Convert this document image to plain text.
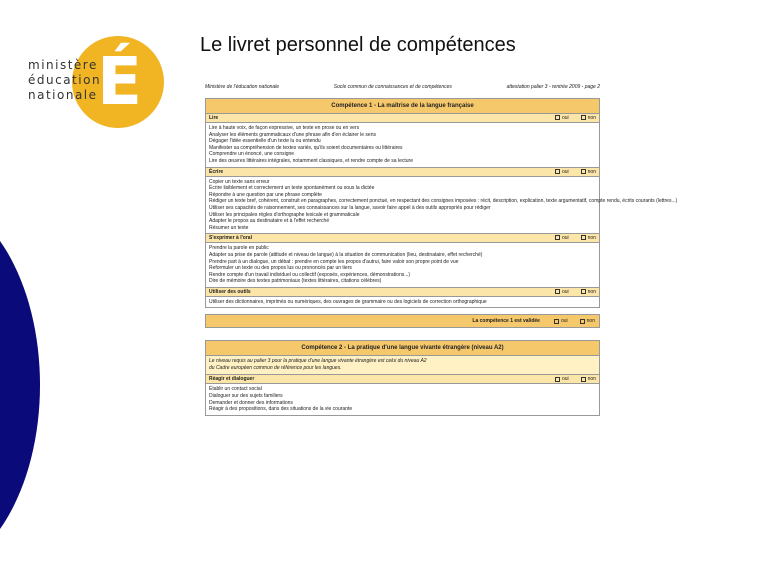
É
ministère
éducation
nationale
Le livret personnel de compétences
Ministère de l'éducation nationale	Socle commun de connaissances et de compétences	attestation palier 3 - rentrée 2009 - page 2
Compétence 1 - La maîtrise de la langue française
Lire	oui	non
Lire à haute voix, de façon expressive, un texte en prose ou en vers
Analyser les éléments grammaticaux d'une phrase afin d'en éclairer le sens
Dégager l'idée essentielle d'un texte lu ou entendu
Manifester sa compréhension de textes variés, qu'ils soient documentaires ou littéraires
Comprendre un énoncé, une consigne
Lire des œuvres littéraires intégrales, notamment classiques, et rendre compte de sa lecture
Écrire	oui	non
Copier un texte sans erreur
Écrire lisiblement et correctement un texte spontanément ou sous la dictée
Répondre à une question par une phrase complète
Rédiger un texte bref, cohérent, construit en paragraphes, correctement ponctué, en respectant des consignes imposées : récit, description, explication, texte argumentatif, compte rendu, écrits courants (lettres...)
Utiliser ses capacités de raisonnement, ses connaissances sur la langue, savoir faire appel à des outils appropriés pour rédiger
Utiliser les principales règles d'orthographe lexicale et grammaticale
Adapter le propos au destinataire et à l'effet recherché
Résumer un texte
S'exprimer à l'oral	oui	non
Prendre la parole en public
Adapter sa prise de parole (attitude et niveau de langue) à la situation de communication (lieu, destinataire, effet recherché)
Prendre part à un dialogue, un débat : prendre en compte les propos d'autrui, faire valoir son propre point de vue
Reformuler un texte ou des propos lus ou prononcés par un tiers
Rendre compte d'un travail individuel ou collectif (exposés, expériences, démonstrations...)
Dire de mémoire des textes patrimoniaux (textes littéraires, citations célèbres)
Utiliser des outils	oui	non
Utiliser des dictionnaires, imprimés ou numériques, des ouvrages de grammaire ou des logiciels de correction orthographique
La compétence 1 est validée	oui	non
Compétence 2 - La pratique d'une langue vivante étrangère (niveau A2)
Le niveau requis au palier 3 pour la pratique d'une langue vivante étrangère est celui du niveau A2
du Cadre européen commun de référence pour les langues.
Réagir et dialoguer	oui	non
Établir un contact social
Dialoguer sur des sujets familiers
Demander et donner des informations
Réagir à des propositions, dans des situations de la vie courante
